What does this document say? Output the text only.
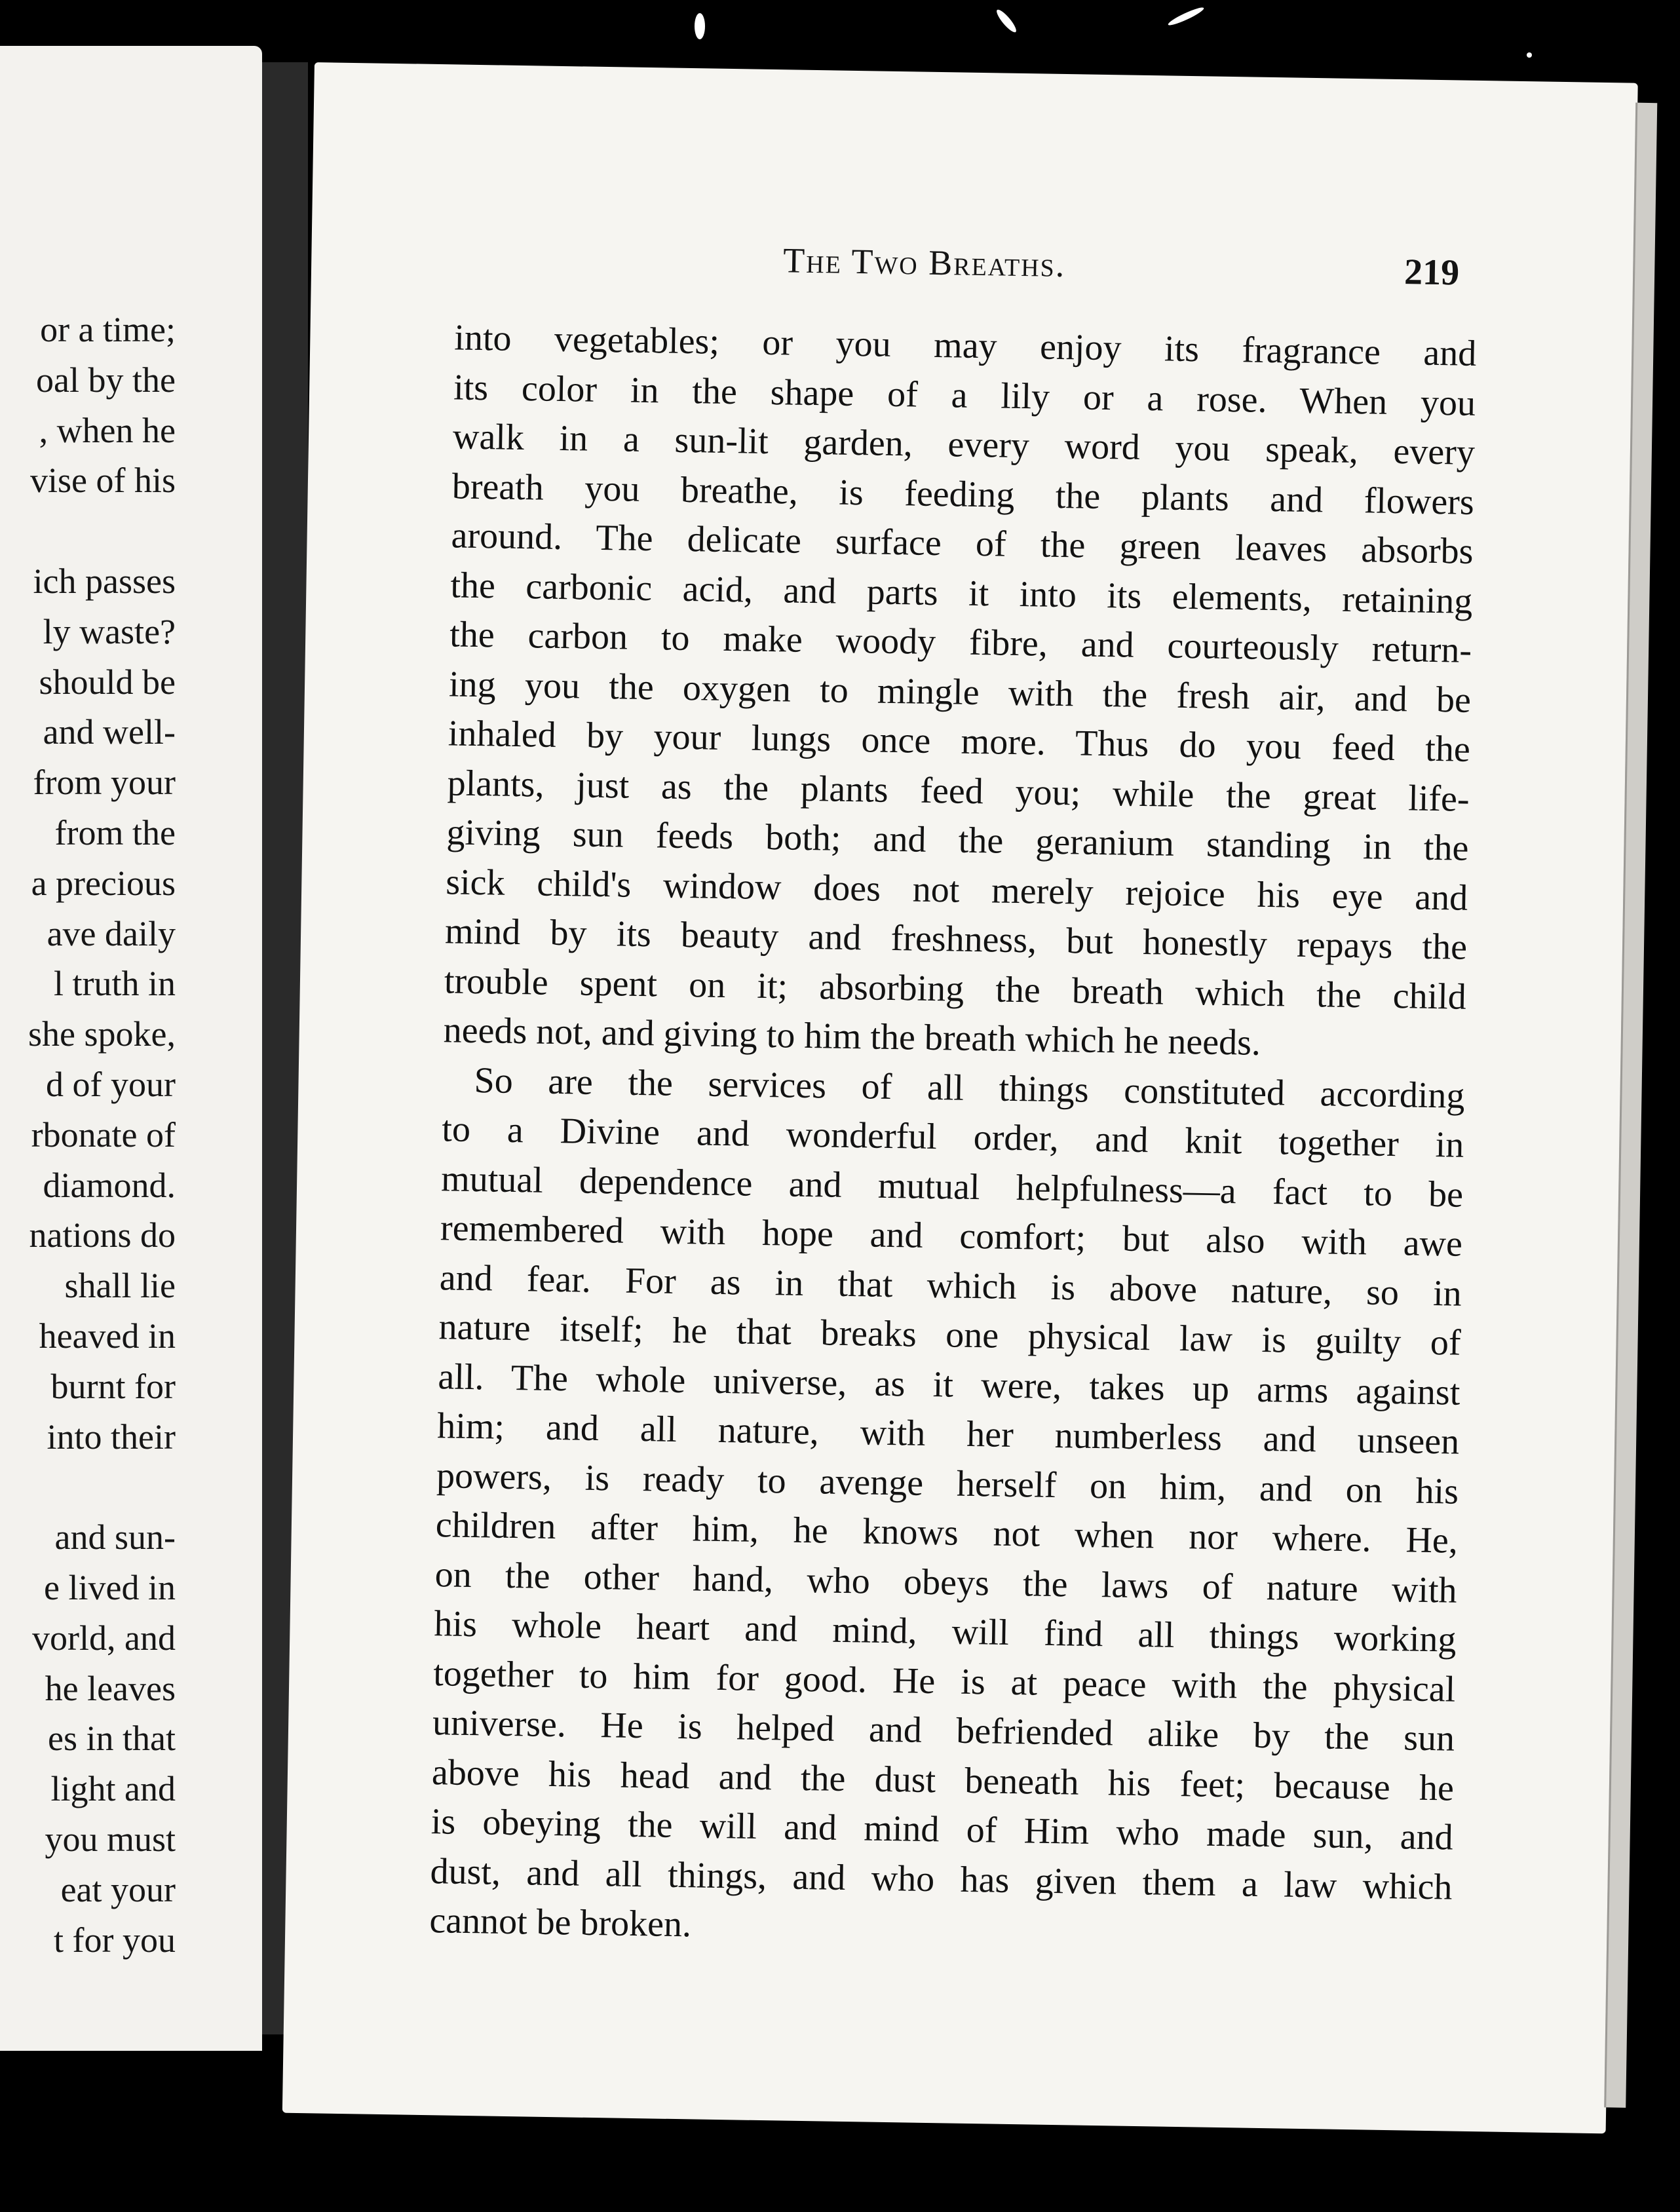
or a time;
oal by the
, when he
vise of his

ich passes
ly waste?
should be
and well-
from your
from the
a precious
ave daily
l truth in
she spoke,
d of your
rbonate of
diamond.
nations do
shall lie
heaved in
burnt for
into their

and sun-
e lived in
vorld, and
he leaves
es in that
light and
you must
eat your
t for you
The Two Breaths.	219
into vegetables; or you may enjoy its fragrance and
its color in the shape of a lily or a rose. When you
walk in a sun-lit garden, every word you speak, every
breath you breathe, is feeding the plants and flowers
around. The delicate surface of the green leaves absorbs
the carbonic acid, and parts it into its elements, retaining
the carbon to make woody fibre, and courteously return-
ing you the oxygen to mingle with the fresh air, and be
inhaled by your lungs once more. Thus do you feed the
plants, just as the plants feed you; while the great life-
giving sun feeds both; and the geranium standing in the
sick child's window does not merely rejoice his eye and
mind by its beauty and freshness, but honestly repays the
trouble spent on it; absorbing the breath which the child
needs not, and giving to him the breath which he needs.
So are the services of all things constituted according
to a Divine and wonderful order, and knit together in
mutual dependence and mutual helpfulness—a fact to be
remembered with hope and comfort; but also with awe
and fear. For as in that which is above nature, so in
nature itself; he that breaks one physical law is guilty of
all. The whole universe, as it were, takes up arms against
him; and all nature, with her numberless and unseen
powers, is ready to avenge herself on him, and on his
children after him, he knows not when nor where. He,
on the other hand, who obeys the laws of nature with
his whole heart and mind, will find all things working
together to him for good. He is at peace with the physical
universe. He is helped and befriended alike by the sun
above his head and the dust beneath his feet; because he
is obeying the will and mind of Him who made sun, and
dust, and all things, and who has given them a law which
cannot be broken.
